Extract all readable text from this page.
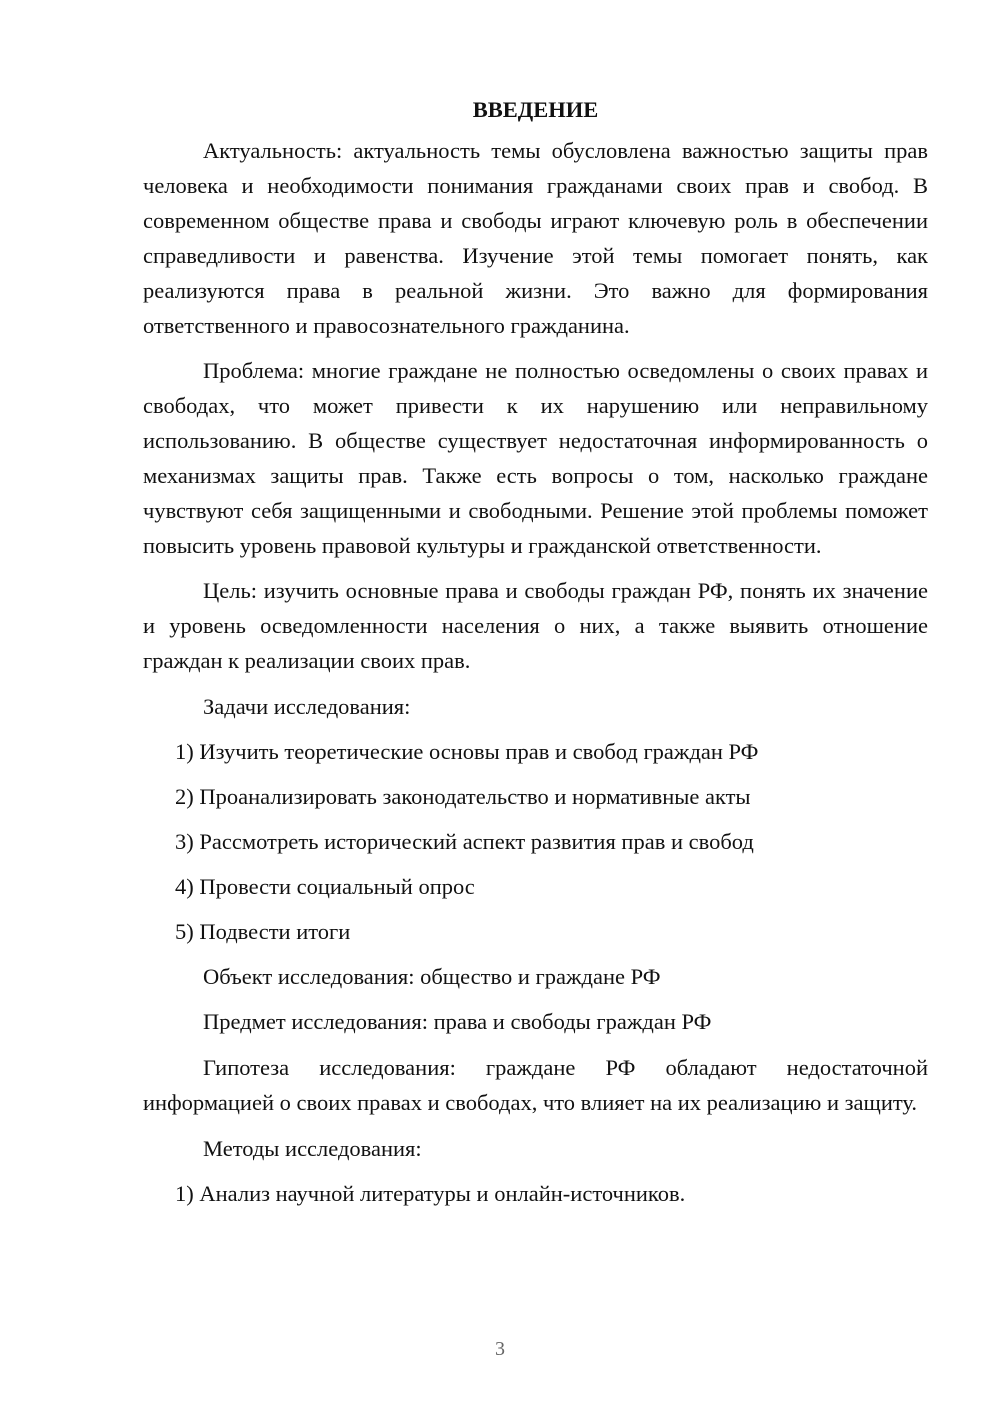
ВВЕДЕНИЕ

Актуальность: актуальность темы обусловлена важностью защиты прав человека и необходимости понимания гражданами своих прав и свобод. В современном обществе права и свободы играют ключевую роль в обеспечении справедливости и равенства. Изучение этой темы помогает понять, как реализуются права в реальной жизни. Это важно для формирования ответственного и правосознательного гражданина.

Проблема: многие граждане не полностью осведомлены о своих правах и свободах, что может привести к их нарушению или неправильному использованию. В обществе существует недостаточная информированность о механизмах защиты прав. Также есть вопросы о том, насколько граждане чувствуют себя защищенными и свободными. Решение этой проблемы поможет повысить уровень правовой культуры и гражданской ответственности.

Цель: изучить основные права и свободы граждан РФ, понять их значение и уровень осведомленности населения о них, а также выявить отношение граждан к реализации своих прав.

Задачи исследования:
1) Изучить теоретические основы прав и свобод граждан РФ
2) Проанализировать законодательство и нормативные акты
3) Рассмотреть исторический аспект развития прав и свобод
4) Провести социальный опрос
5) Подвести итоги
Объект исследования: общество и граждане РФ
Предмет исследования: права и свободы граждан РФ

Гипотеза исследования: граждане РФ обладают недостаточной информацией о своих правах и свободах, что влияет на их реализацию и защиту.

Методы исследования:
1) Анализ научной литературы и онлайн-источников.
3
